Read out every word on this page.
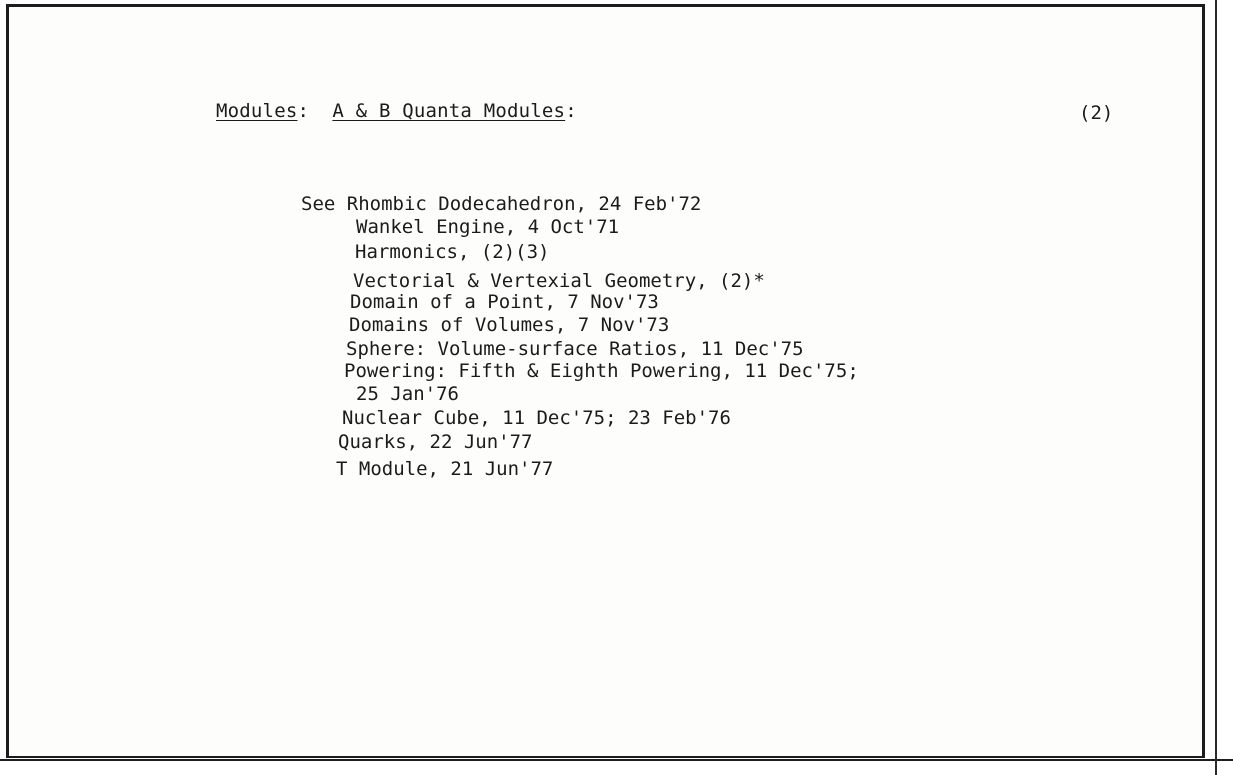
Modules: A & B Quanta Modules:	(2)
See Rhombic Dodecahedron, 24 Feb'72
Wankel Engine, 4 Oct'71
Harmonics, (2)(3)
Vectorial & Vertexial Geometry, (2)*
Domain of a Point, 7 Nov'73
Domains of Volumes, 7 Nov'73
Sphere: Volume-surface Ratios, 11 Dec'75
Powering: Fifth & Eighth Powering, 11 Dec'75;
25 Jan'76
Nuclear Cube, 11 Dec'75; 23 Feb'76
Quarks, 22 Jun'77
T Module, 21 Jun'77
